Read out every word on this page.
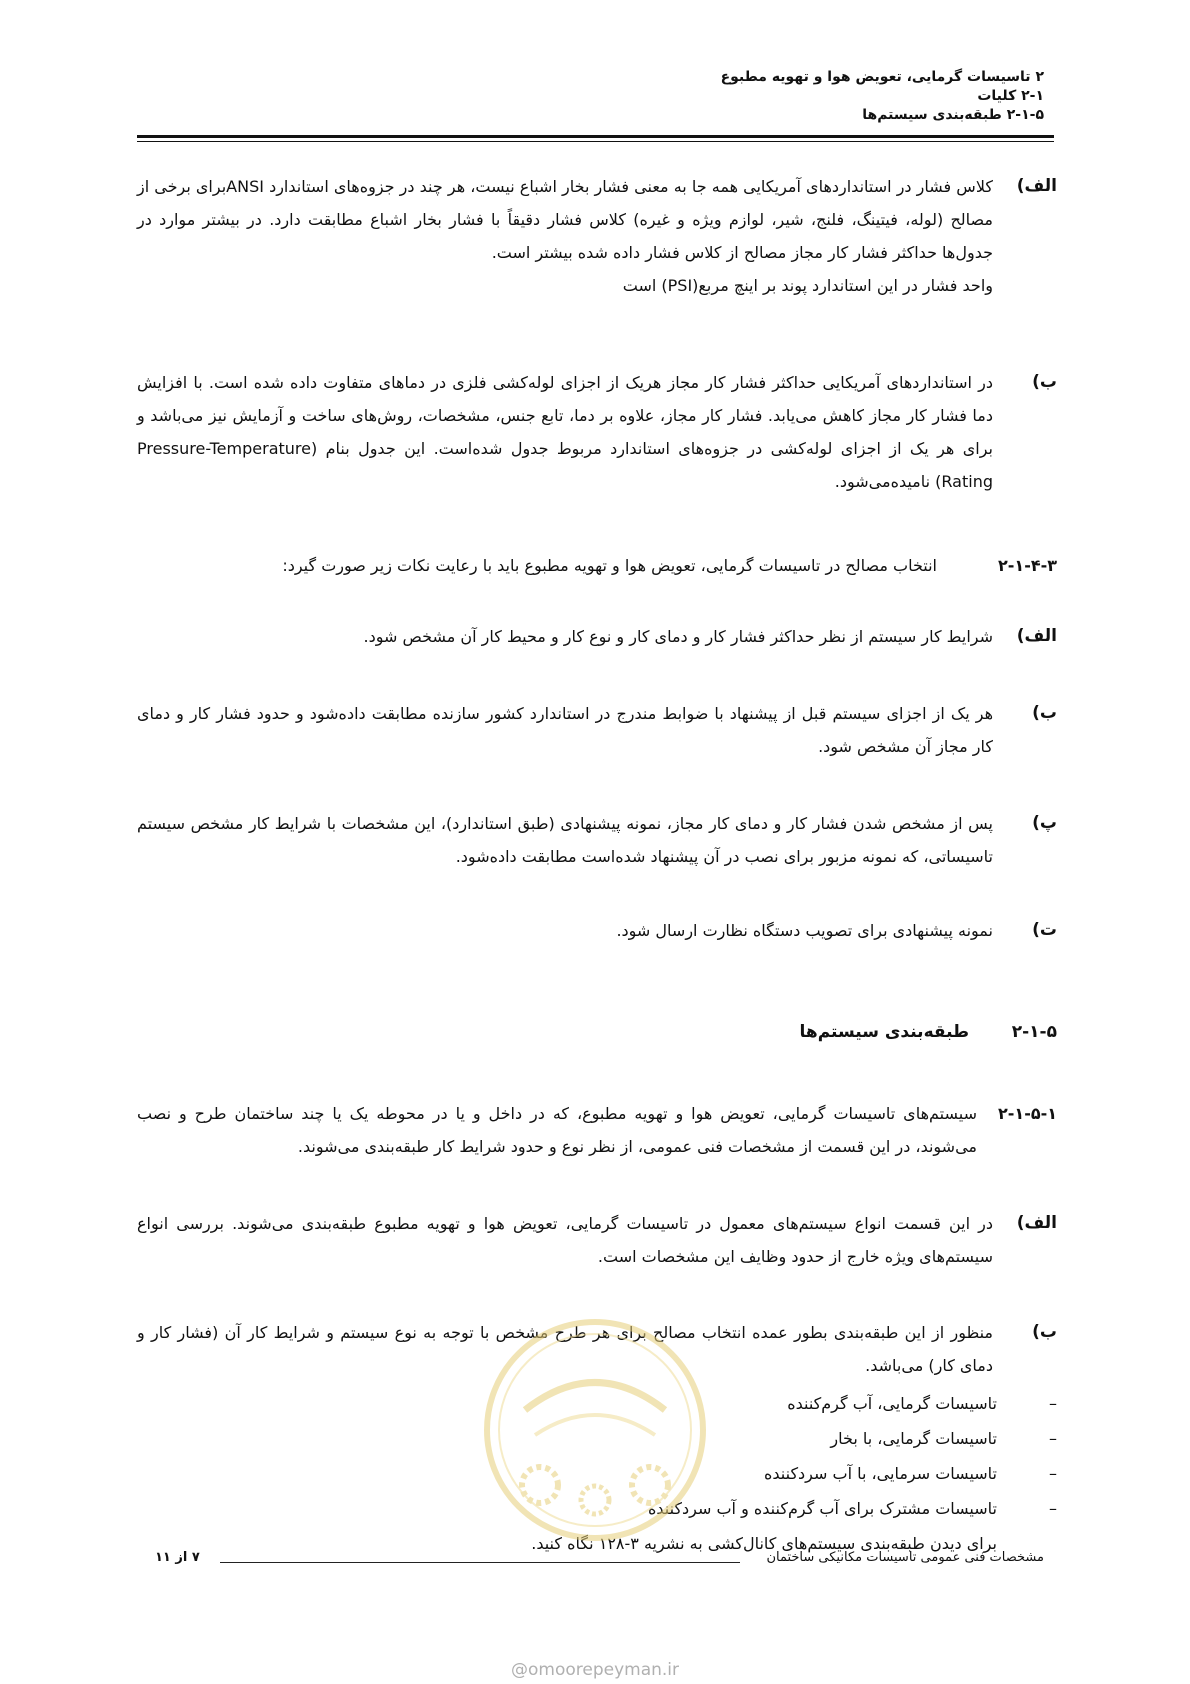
۲ تاسیسات گرمایی، تعویض هوا و تهویه مطبوع
۲-۱ کلیات
۲-۱-۵ طبقه‌بندی سیستم‌ها
الف)

کلاس فشار در استانداردهای آمریکایی همه جا به معنی فشار بخار اشباع نیست، هر چند در جزوه‌های استاندارد ANSIبرای برخی از مصالح (لوله، فیتینگ، فلنج، شیر، لوازم ویژه و غیره) کلاس فشار دقیقاً با فشار بخار اشباع مطابقت دارد. در بیشتر موارد در جدول‌ها حداکثر فشار کار مجاز مصالح از کلاس فشار داده شده بیشتر است.

واحد فشار در این استاندارد پوند بر اینچ مربع(PSI) است

ب)

در استانداردهای آمریکایی حداکثر فشار کار مجاز هریک از اجزای لوله‌کشی فلزی در دماهای متفاوت داده شده است. با افزایش دما فشار کار مجاز کاهش می‌یابد. فشار کار مجاز، علاوه بر دما، تابع جنس، مشخصات، روش‌های ساخت و آزمایش نیز می‌باشد و برای هر یک از اجزای لوله‌کشی در جزوه‌های استاندارد مربوط جدول شده‌است. این جدول بنام (Pressure-Temperature Rating) نامیده‌می‌شود.

۲-۱-۴-۳
انتخاب مصالح در تاسیسات گرمایی، تعویض هوا و تهویه مطبوع باید با رعایت نکات زیر صورت گیرد:
الف)

شرایط کار سیستم از نظر حداکثر فشار کار و دمای کار و نوع کار و محیط کار آن مشخص شود.

ب)

هر یک از اجزای سیستم قبل از پیشنهاد با ضوابط مندرج در استاندارد کشور سازنده مطابقت داده‌شود و حدود فشار کار و دمای کار مجاز آن مشخص شود.

پ)

پس از مشخص شدن فشار کار و دمای کار مجاز، نمونه پیشنهادی (طبق استاندارد)، این مشخصات با شرایط کار مشخص سیستم تاسیساتی، که نمونه مزبور برای نصب در آن پیشنهاد شده‌است مطابقت داده‌شود.

ت)

نمونه پیشنهادی برای تصویب دستگاه نظارت ارسال شود.

۲-۱-۵ طبقه‌بندی سیستم‌ها
۲-۱-۵-۱
سیستم‌های تاسیسات گرمایی، تعویض هوا و تهویه مطبوع، که در داخل و یا در محوطه یک یا چند ساختمان طرح و نصب می‌شوند، در این قسمت از مشخصات فنی عمومی، از نظر نوع و حدود شرایط کار طبقه‌بندی می‌شوند.
الف)

در این قسمت انواع سیستم‌های معمول در تاسیسات گرمایی، تعویض هوا و تهویه مطبوع طبقه‌بندی می‌شوند. بررسی انواع سیستم‌های ویژه خارج از حدود وظایف این مشخصات است.

ب)

منظور از این طبقه‌بندی بطور عمده انتخاب مصالح برای هر طرح مشخص با توجه به نوع سیستم و شرایط کار آن (فشار کار و دمای کار) می‌باشد.

–
تاسیسات گرمایی، آب گرم‌کننده
–
تاسیسات گرمایی، با بخار
–
تاسیسات سرمایی، با آب سردکننده
–
تاسیسات مشترک برای آب گرم‌کننده و آب سردکننده
برای دیدن طبقه‌بندی سیستم‌های کانال‌کشی به نشریه ۳-۱۲۸ نگاه کنید.
مشخصات فنی عمومی تاسیسات مکانیکی ساختمان
۷ از ۱۱
@omoorepeyman.ir
